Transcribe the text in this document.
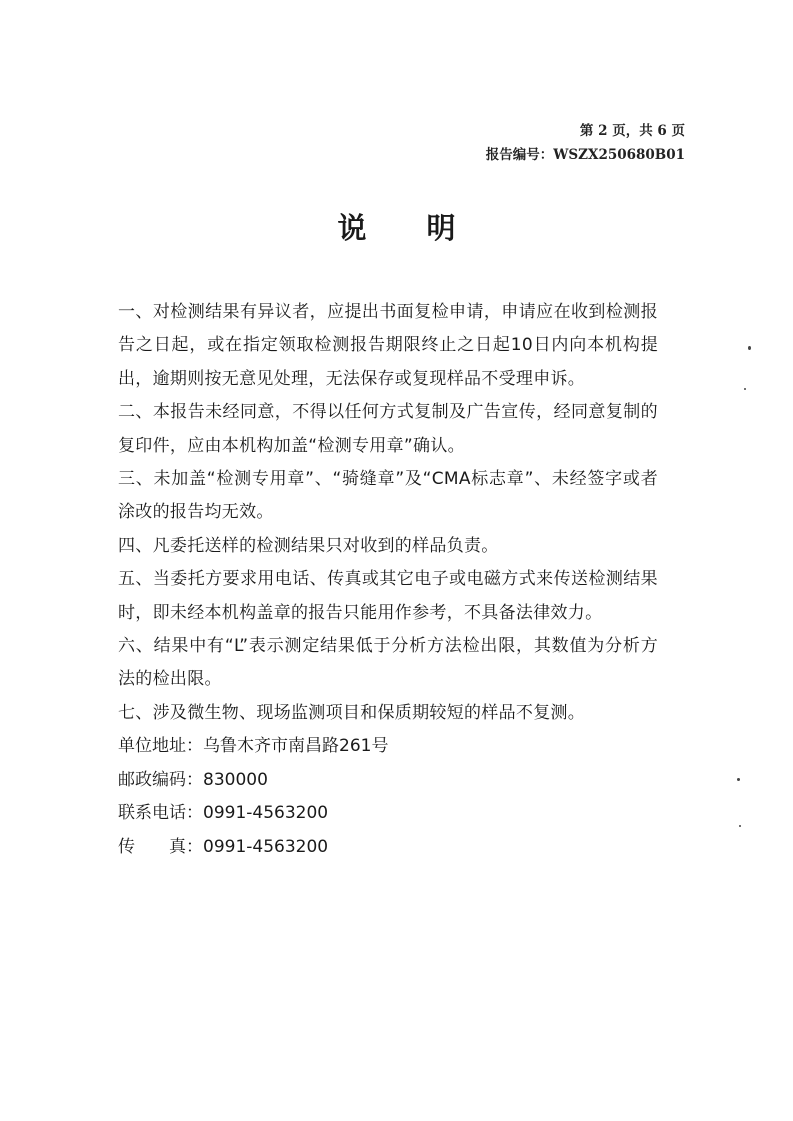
第 2 页，共 6 页
报告编号：WSZX250680B01
说明

一、对检测结果有异议者，应提出书面复检申请，申请应在收到检测报告之日起，或在指定领取检测报告期限终止之日起10日内向本机构提出，逾期则按无意见处理，无法保存或复现样品不受理申诉。

二、本报告未经同意，不得以任何方式复制及广告宣传，经同意复制的复印件，应由本机构加盖“检测专用章”确认。

三、未加盖“检测专用章”、“骑缝章”及“CMA标志章”、未经签字或者涂改的报告均无效。

四、凡委托送样的检测结果只对收到的样品负责。

五、当委托方要求用电话、传真或其它电子或电磁方式来传送检测结果时，即未经本机构盖章的报告只能用作参考，不具备法律效力。

六、结果中有“L”表示测定结果低于分析方法检出限，其数值为分析方法的检出限。

七、涉及微生物、现场监测项目和保质期较短的样品不复测。

单位地址：乌鲁木齐市南昌路261号
邮政编码：830000
联系电话：0991-4563200
传 真：0991-4563200
